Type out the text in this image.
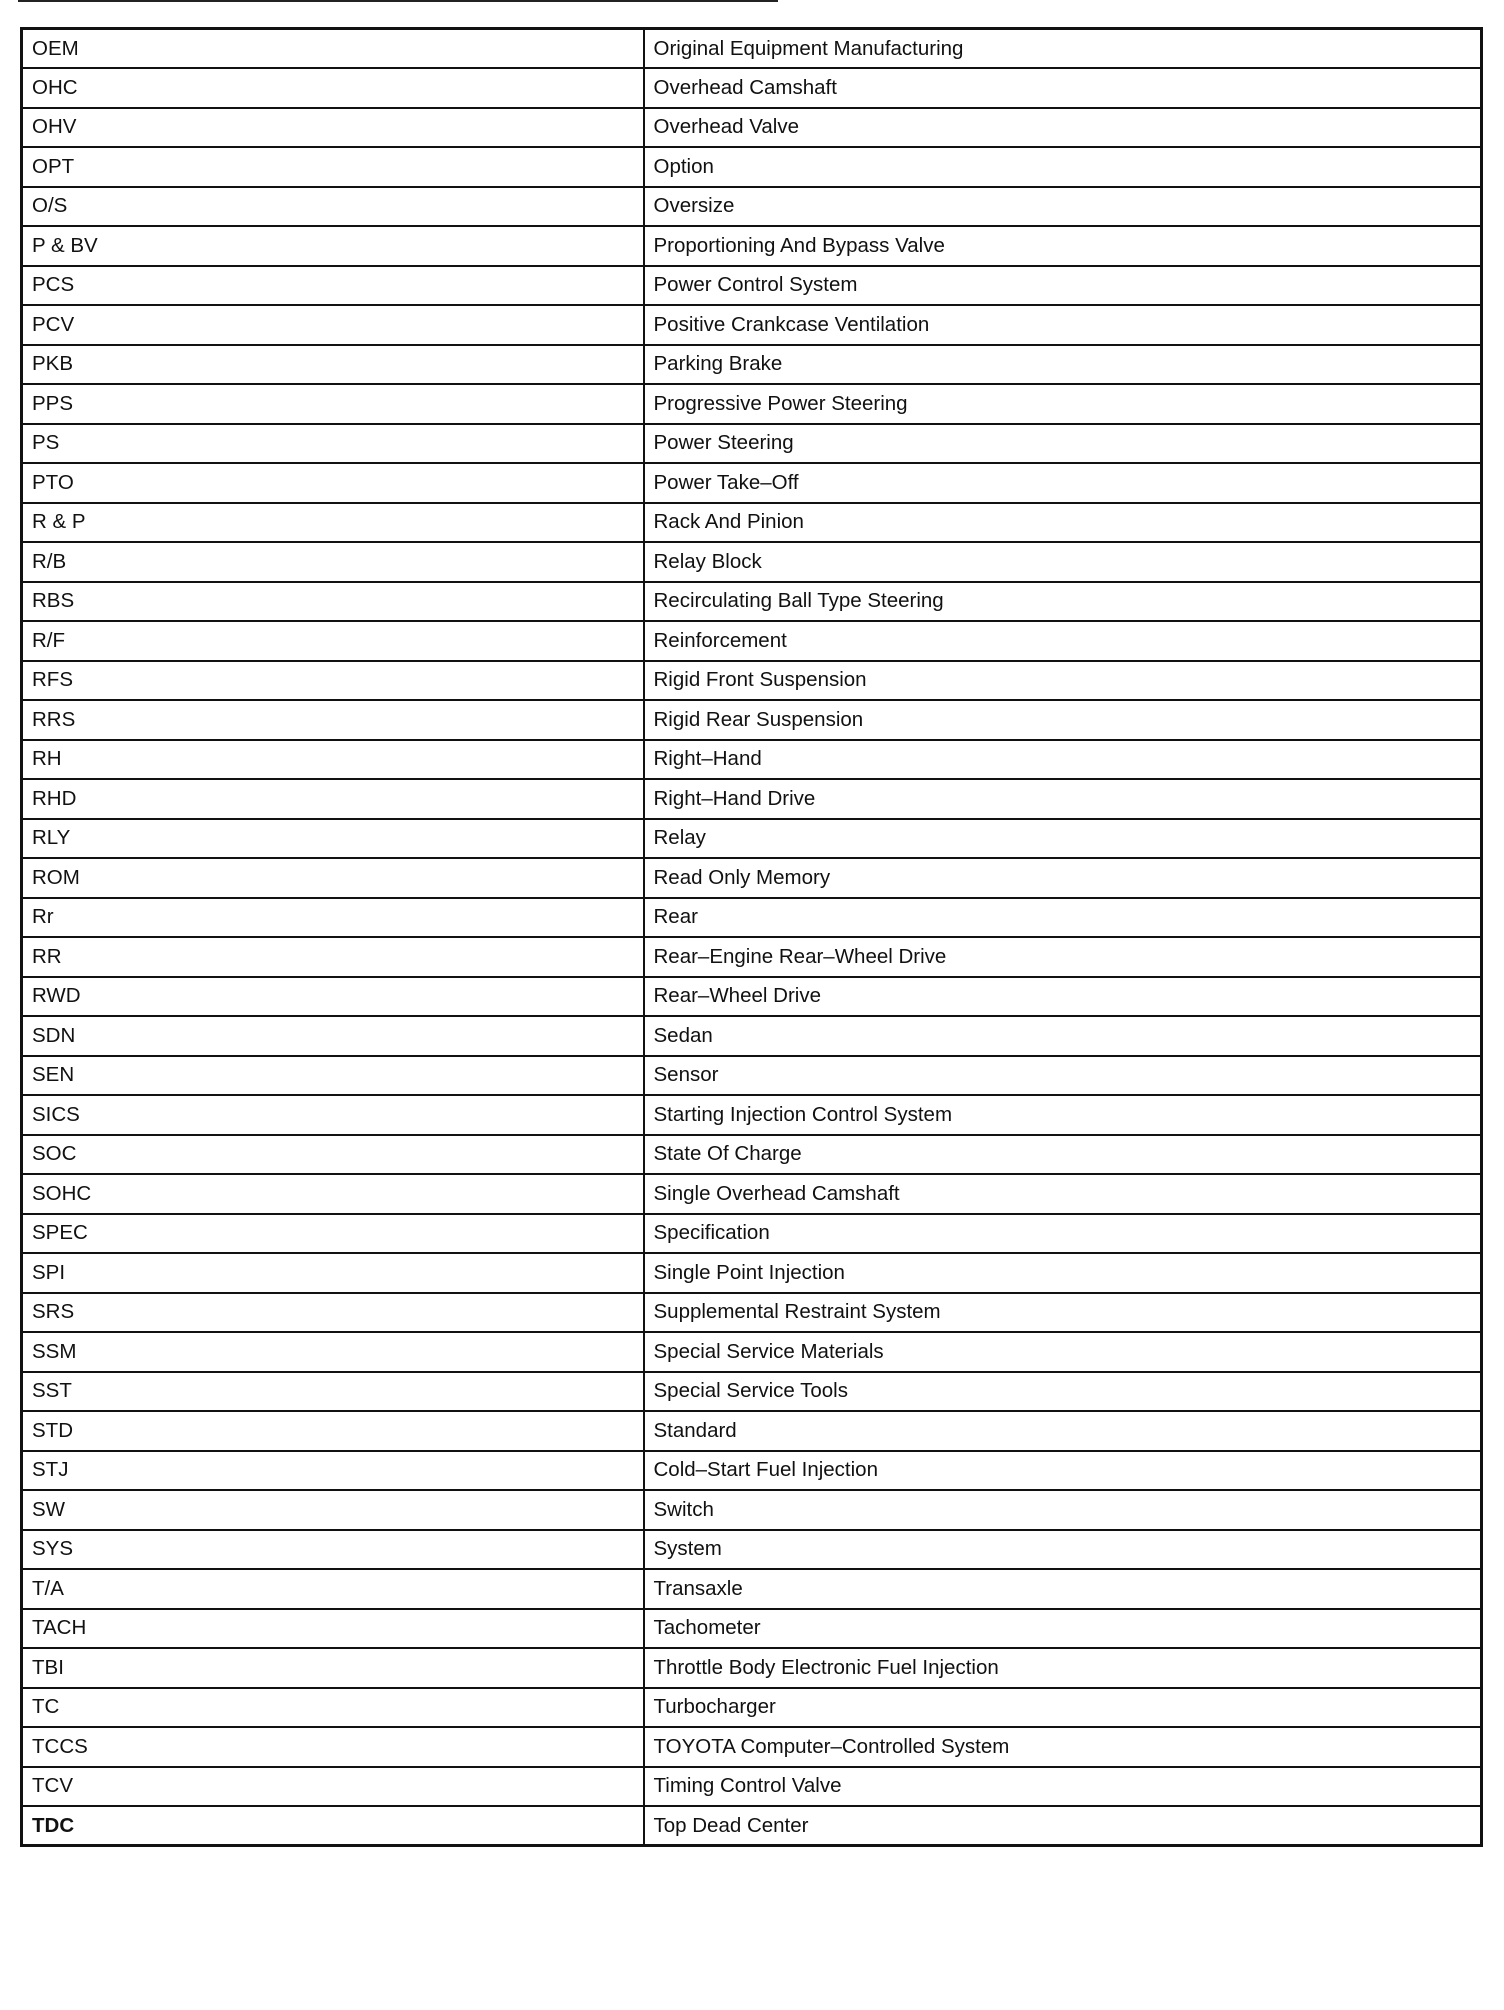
OEM	Original Equipment Manufacturing
OHC	Overhead Camshaft
OHV	Overhead Valve
OPT	Option
O/S	Oversize
P & BV	Proportioning And Bypass Valve
PCS	Power Control System
PCV	Positive Crankcase Ventilation
PKB	Parking Brake
PPS	Progressive Power Steering
PS	Power Steering
PTO	Power Take–Off
R & P	Rack And Pinion
R/B	Relay Block
RBS	Recirculating Ball Type Steering
R/F	Reinforcement
RFS	Rigid Front Suspension
RRS	Rigid Rear Suspension
RH	Right–Hand
RHD	Right–Hand Drive
RLY	Relay
ROM	Read Only Memory
Rr	Rear
RR	Rear–Engine Rear–Wheel Drive
RWD	Rear–Wheel Drive
SDN	Sedan
SEN	Sensor
SICS	Starting Injection Control System
SOC	State Of Charge
SOHC	Single Overhead Camshaft
SPEC	Specification
SPI	Single Point Injection
SRS	Supplemental Restraint System
SSM	Special Service Materials
SST	Special Service Tools
STD	Standard
STJ	Cold–Start Fuel Injection
SW	Switch
SYS	System
T/A	Transaxle
TACH	Tachometer
TBI	Throttle Body Electronic Fuel Injection
TC	Turbocharger
TCCS	TOYOTA Computer–Controlled System
TCV	Timing Control Valve
TDC	Top Dead Center
